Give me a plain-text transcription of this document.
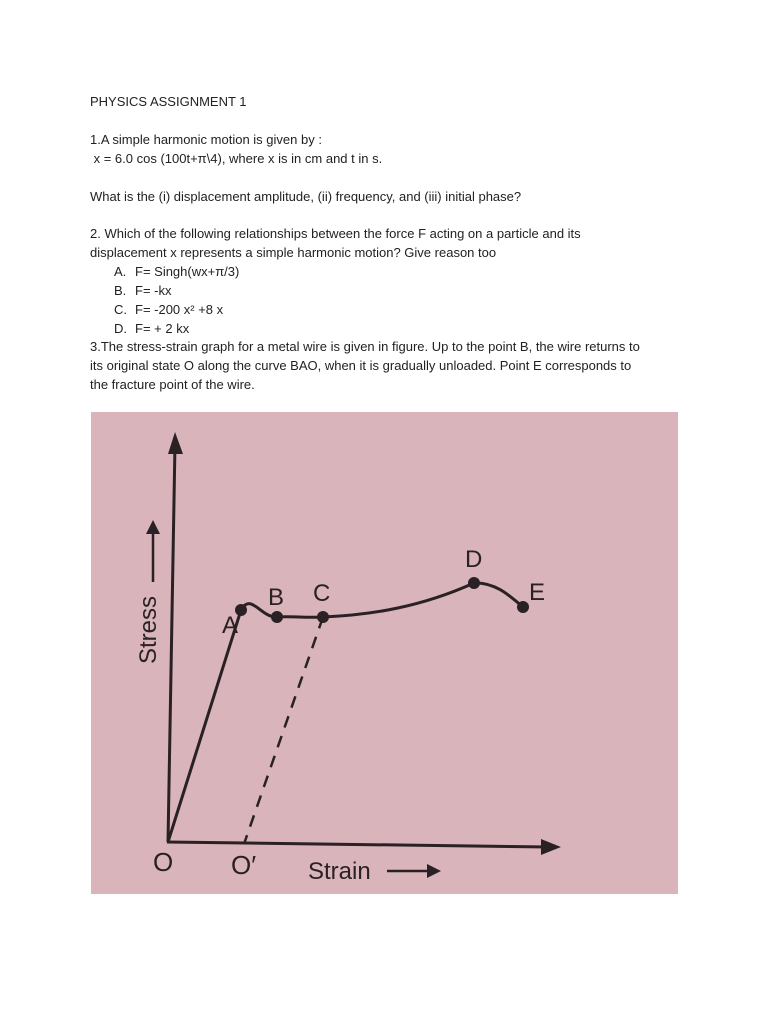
PHYSICS ASSIGNMENT 1
1.A simple harmonic motion is given by :
x = 6.0 cos (100t+π\4), where x is in cm and t in s.
What is the (i) displacement amplitude, (ii) frequency, and (iii) initial phase?
2. Which of the following relationships between the force F acting on a particle and its
displacement x represents a simple harmonic motion? Give reason too
A. F= Singh(wx+π/3)
B. F= -kx
C. F= -200 x² +8 x
D. F= + 2 kx
3.The stress-strain graph for a metal wire is given in figure. Up to the point B, the wire returns to
its original state O along the curve BAO, when it is gradually unloaded. Point E corresponds to
the fracture point of the wire.
Stress
Strain
O O′
A
B C
D
E
